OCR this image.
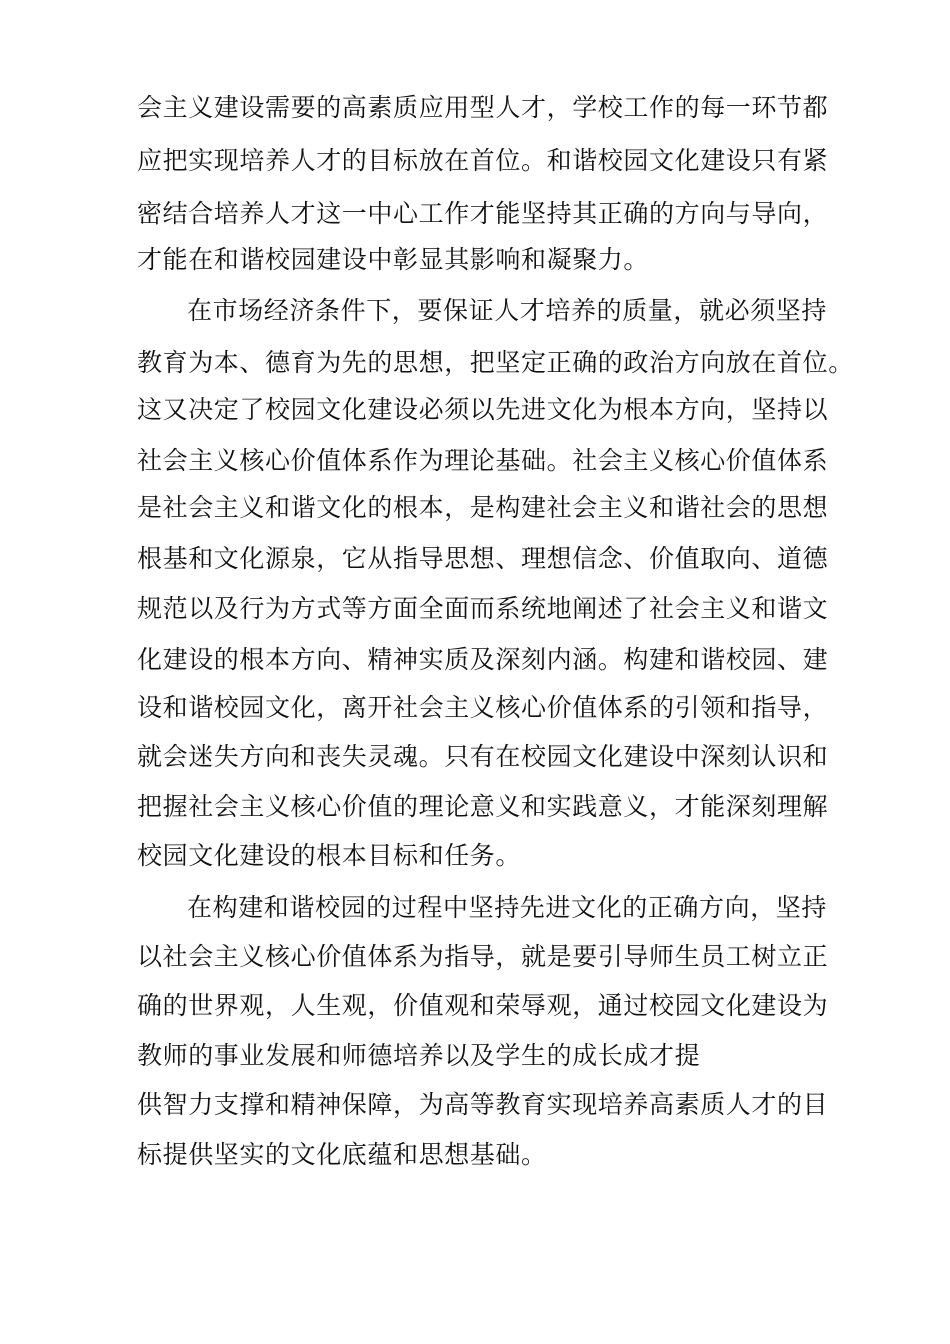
会主义建设需要的高素质应用型人才，学校工作的每一环节都
应把实现培养人才的目标放在首位。和谐校园文化建设只有紧
密结合培养人才这一中心工作才能坚持其正确的方向与导向，
才能在和谐校园建设中彰显其影响和凝聚力。
在市场经济条件下，要保证人才培养的质量，就必须坚持
教育为本、德育为先的思想，把坚定正确的政治方向放在首位。
这又决定了校园文化建设必须以先进文化为根本方向，坚持以
社会主义核心价值体系作为理论基础。社会主义核心价值体系
是社会主义和谐文化的根本，是构建社会主义和谐社会的思想
根基和文化源泉，它从指导思想、理想信念、价值取向、道德
规范以及行为方式等方面全面而系统地阐述了社会主义和谐文
化建设的根本方向、精神实质及深刻内涵。构建和谐校园、建
设和谐校园文化，离开社会主义核心价值体系的引领和指导，
就会迷失方向和丧失灵魂。只有在校园文化建设中深刻认识和
把握社会主义核心价值的理论意义和实践意义，才能深刻理解
校园文化建设的根本目标和任务。
在构建和谐校园的过程中坚持先进文化的正确方向，坚持
以社会主义核心价值体系为指导，就是要引导师生员工树立正
确的世界观，人生观，价值观和荣辱观，通过校园文化建设为
教师的事业发展和师德培养以及学生的成长成才提
供智力支撑和精神保障，为高等教育实现培养高素质人才的目
标提供坚实的文化底蕴和思想基础。
